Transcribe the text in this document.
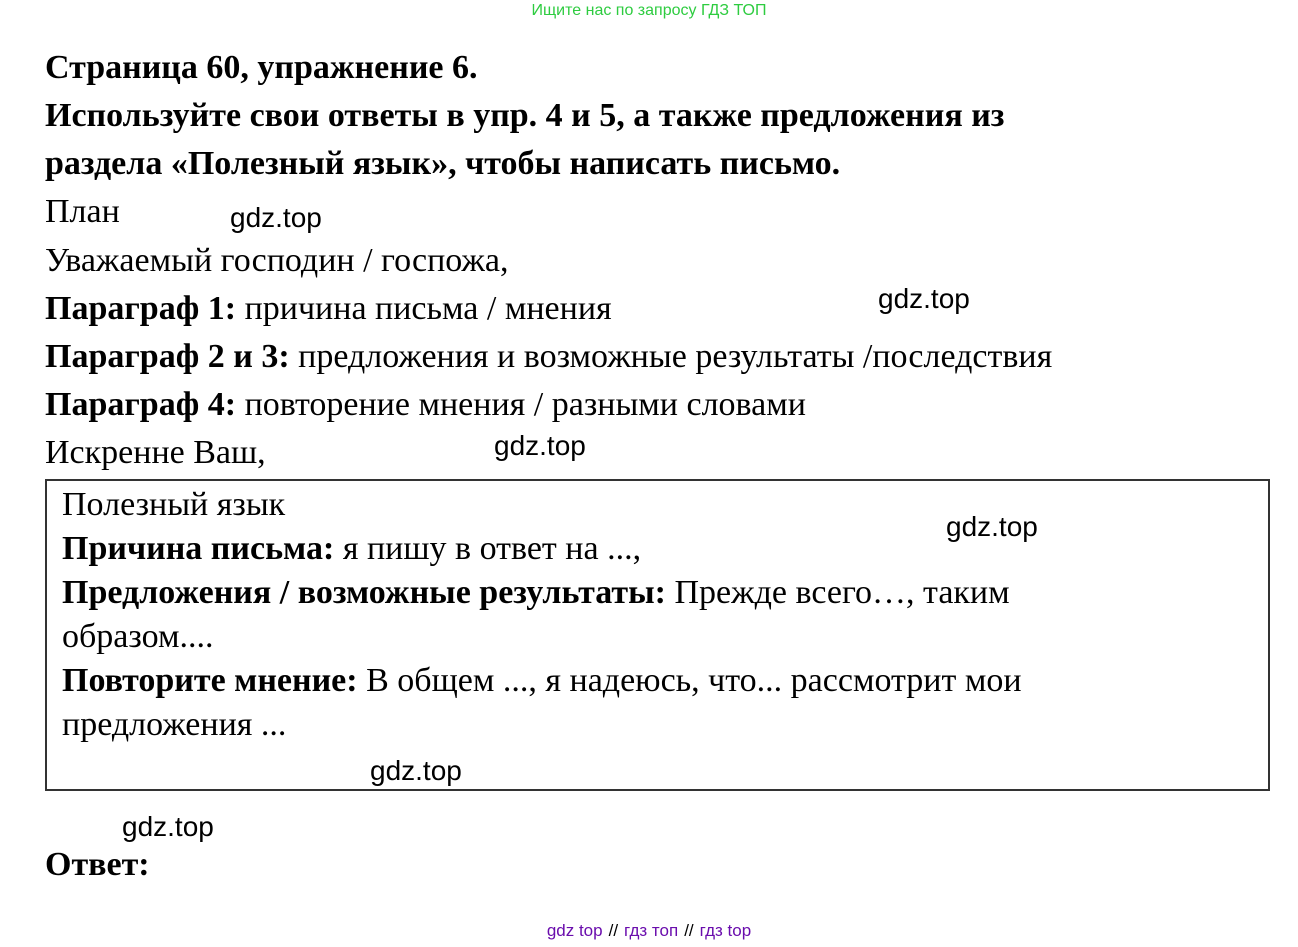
Ищите нас по запросу ГДЗ ТОП
Страница 60, упражнение 6.
Используйте свои ответы в упр. 4 и 5, а также предложения из
раздела «Полезный язык», чтобы написать письмо.
План
Уважаемый господин / госпожа,
Параграф 1: причина письма / мнения
Параграф 2 и 3: предложения и возможные результаты /последствия
Параграф 4: повторение мнения / разными словами
Искренне Ваш,
Полезный язык
Причина письма: я пишу в ответ на ...,
Предложения / возможные результаты: Прежде всего…, таким
образом....
Повторите мнение: В общем ..., я надеюсь, что... рассмотрит мои
предложения ...
Ответ:
gdz.top
gdz.top
gdz.top
gdz.top
gdz.top
gdz.top
gdz top // гдз топ // гдз top
